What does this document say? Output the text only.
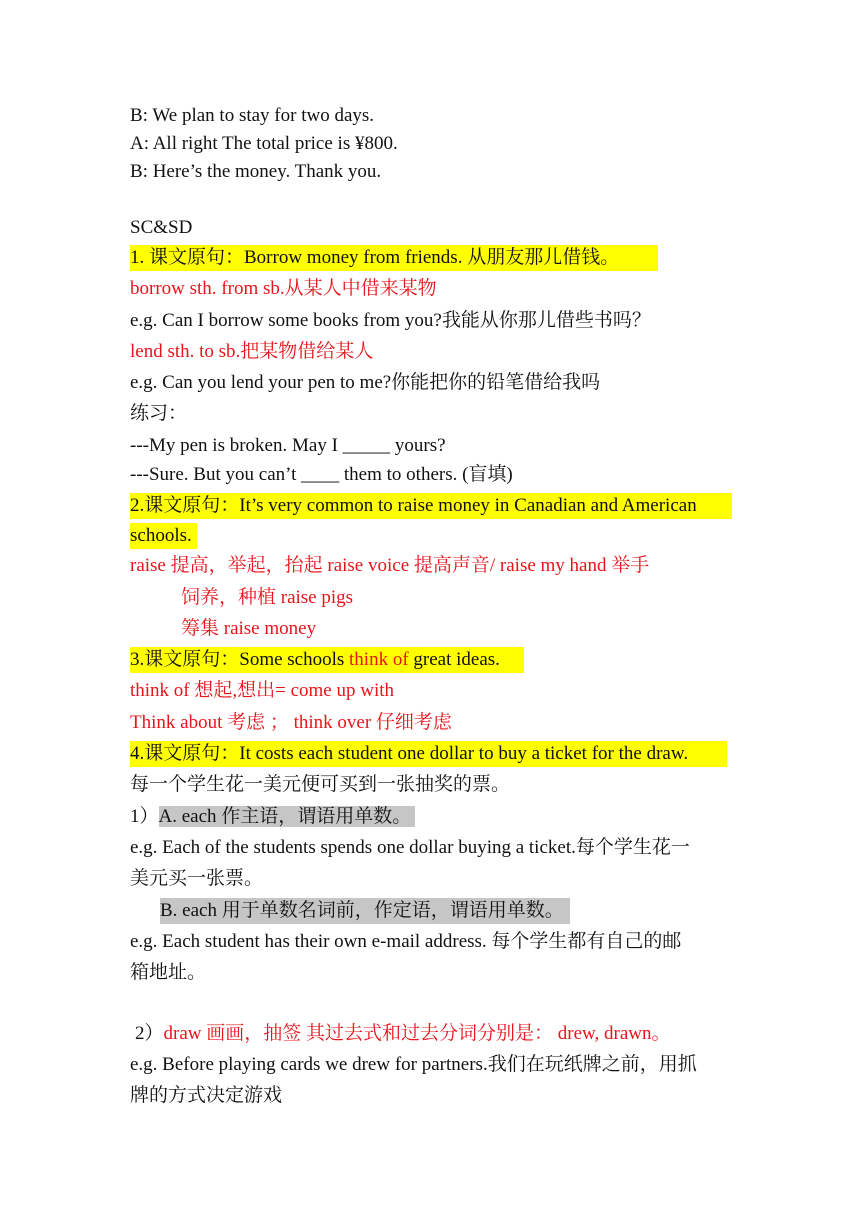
B: We plan to stay for two days.
A: All right The total price is ¥800.
B: Here’s the money. Thank you.
SC&SD
1. 课文原句：Borrow money from friends. 从朋友那儿借钱。
borrow sth. from sb.从某人中借来某物
e.g. Can I borrow some books from you?我能从你那儿借些书吗？
lend sth. to sb.把某物借给某人
e.g. Can you lend your pen to me?你能把你的铅笔借给我吗
练习：
---My pen is broken. May I _____ yours?
---Sure. But you can’t ____ them to others. (盲填)
2.课文原句：It’s very common to raise money in Canadian and American
schools.
raise 提高，举起，抬起 raise voice 提高声音/ raise my hand 举手
饲养，种植 raise pigs
筹集 raise money
3.课文原句：Some schools think of great ideas.
think of 想起,想出= come up with
Think about 考虑 ； think over 仔细考虑
4.课文原句：It costs each student one dollar to buy a ticket for the draw.
每一个学生花一美元便可买到一张抽奖的票。
1）A. each 作主语，谓语用单数。
e.g. Each of the students spends one dollar buying a ticket.每个学生花一
美元买一张票。
B. each 用于单数名词前，作定语，谓语用单数。
e.g. Each student has their own e-mail address. 每个学生都有自己的邮
箱地址。
2）draw 画画，抽签 其过去式和过去分词分别是： drew, drawn。
e.g. Before playing cards we drew for partners.我们在玩纸牌之前，用抓
牌的方式决定游戏
